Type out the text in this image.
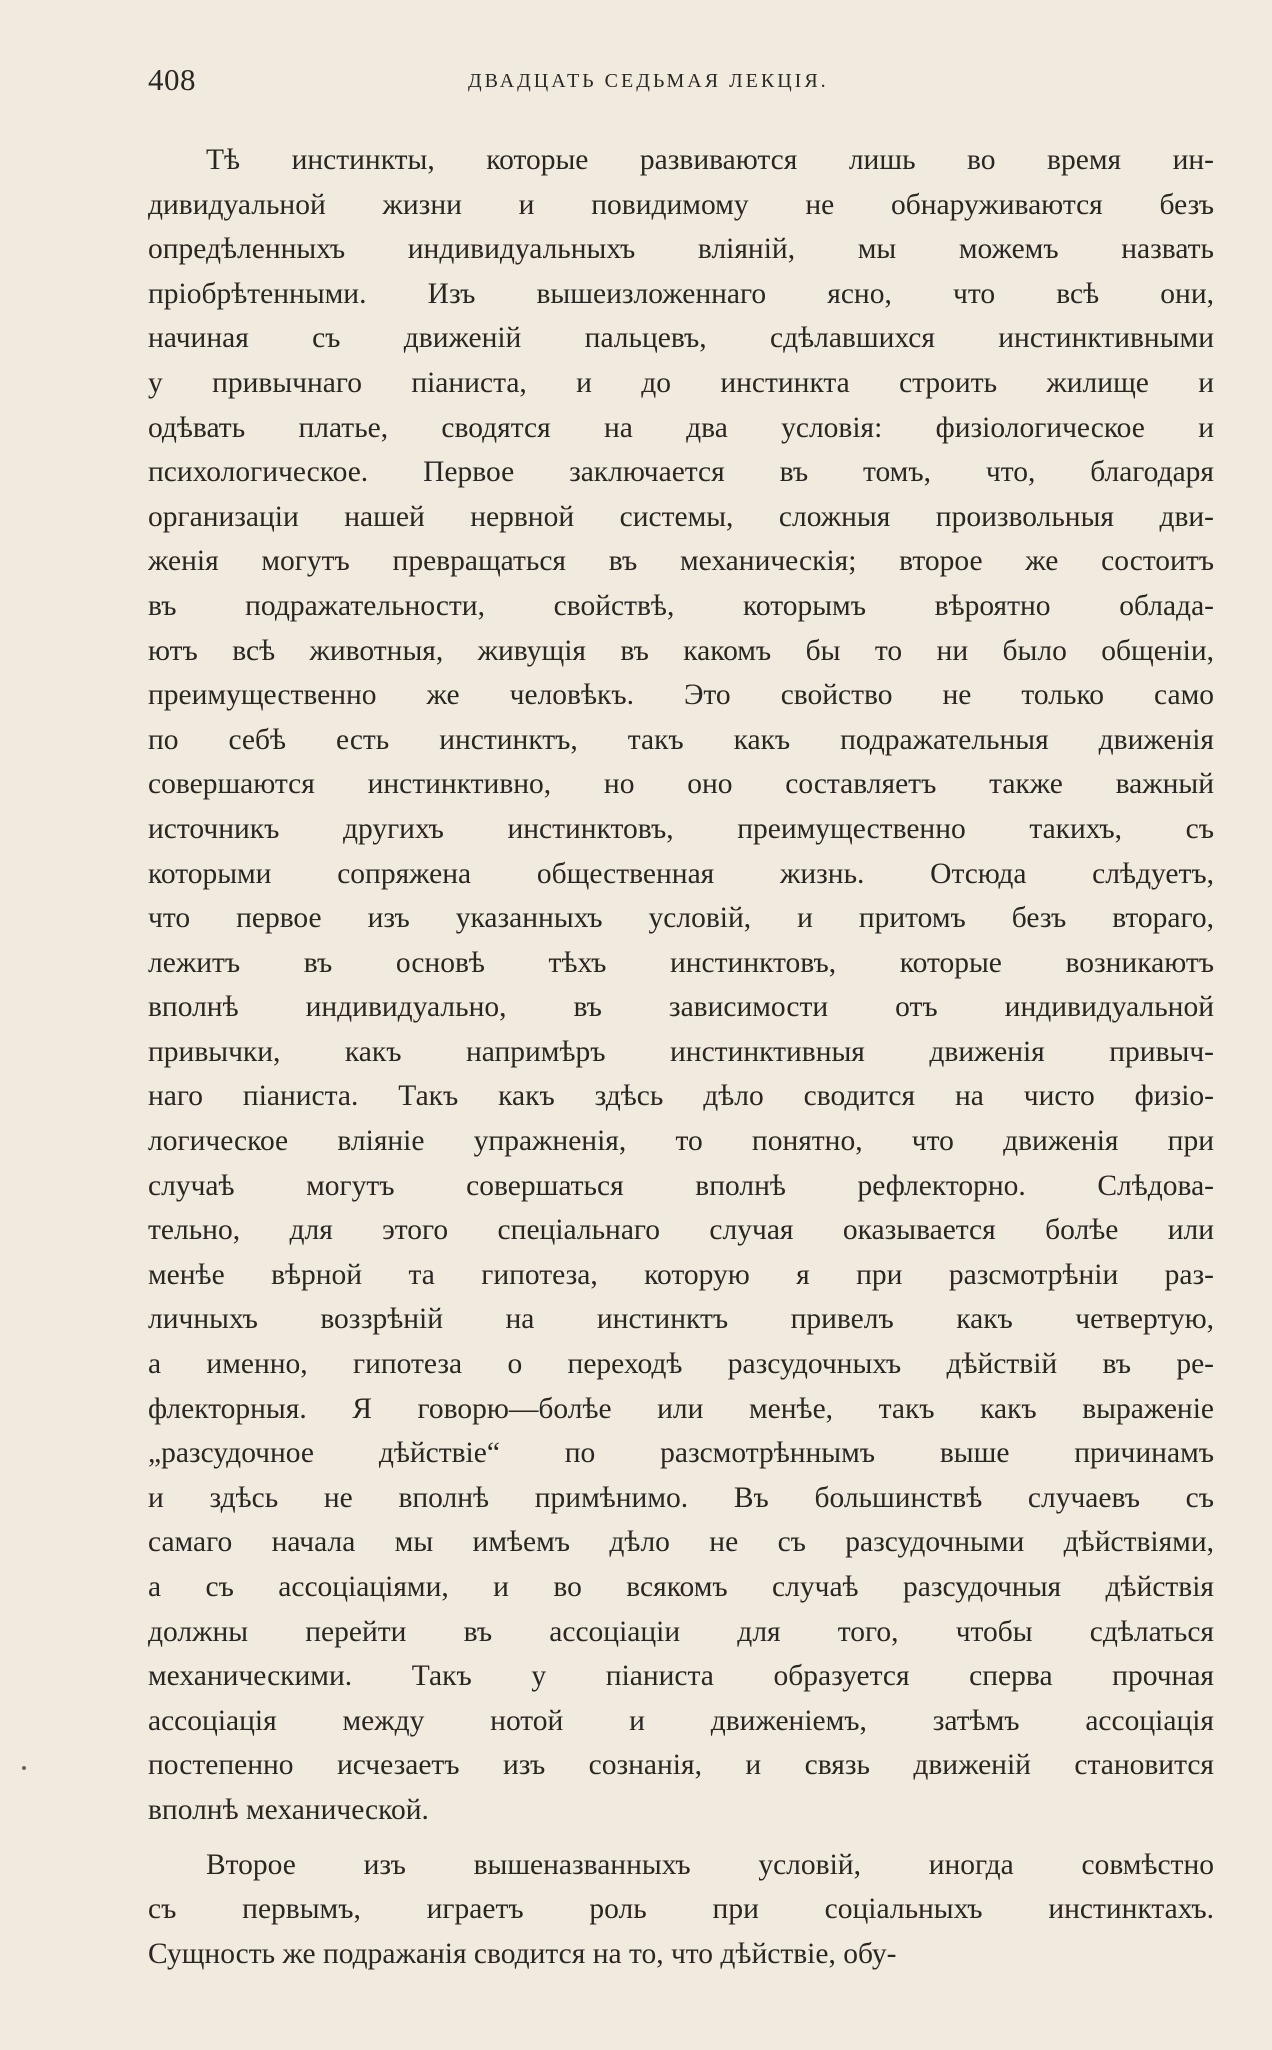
408	ДВАДЦАТЬ СЕДЬМАЯ ЛЕКЦІЯ.
Тѣ инстинкты, которые развиваются лишь во время ин-
дивидуальной жизни и повидимому не обнаруживаются безъ
опредѣленныхъ индивидуальныхъ вліяній, мы можемъ назвать
пріобрѣтенными. Изъ вышеизложеннаго ясно, что всѣ они,
начиная съ движеній пальцевъ, сдѣлавшихся инстинктивными
у привычнаго піаниста, и до инстинкта строить жилище и
одѣвать платье, сводятся на два условія: физіологическое и
психологическое. Первое заключается въ томъ, что, благодаря
организаціи нашей нервной системы, сложныя произвольныя дви-
женія могутъ превращаться въ механическія; второе же состоитъ
въ подражательности, свойствѣ, которымъ вѣроятно облада-
ютъ всѣ животныя, живущія въ какомъ бы то ни было общеніи,
преимущественно же человѣкъ. Это свойство не только само
по себѣ есть инстинктъ, такъ какъ подражательныя движенія
совершаются инстинктивно, но оно составляетъ также важный
источникъ другихъ инстинктовъ, преимущественно такихъ, съ
которыми сопряжена общественная жизнь. Отсюда слѣдуетъ,
что первое изъ указанныхъ условій, и притомъ безъ втораго,
лежитъ въ основѣ тѣхъ инстинктовъ, которые возникаютъ
вполнѣ индивидуально, въ зависимости отъ индивидуальной
привычки, какъ напримѣръ инстинктивныя движенія привыч-
наго піаниста. Такъ какъ здѣсь дѣло сводится на чисто физіо-
логическое вліяніе упражненія, то понятно, что движенія при
случаѣ могутъ совершаться вполнѣ рефлекторно. Слѣдова-
тельно, для этого спеціальнаго случая оказывается болѣе или
менѣе вѣрной та гипотеза, которую я при разсмотрѣніи раз-
личныхъ воззрѣній на инстинктъ привелъ какъ четвертую,
а именно, гипотеза о переходѣ разсудочныхъ дѣйствій въ ре-
флекторныя. Я говорю—болѣе или менѣе, такъ какъ выраженіе
„разсудочное дѣйствіе“ по разсмотрѣннымъ выше причинамъ
и здѣсь не вполнѣ примѣнимо. Въ большинствѣ случаевъ съ
самаго начала мы имѣемъ дѣло не съ разсудочными дѣйствіями,
а съ ассоціаціями, и во всякомъ случаѣ разсудочныя дѣйствія
должны перейти въ ассоціаціи для того, чтобы сдѣлаться
механическими. Такъ у піаниста образуется сперва прочная
ассоціація между нотой и движеніемъ, затѣмъ ассоціація
постепенно исчезаетъ изъ сознанія, и связь движеній становится
вполнѣ механической.
Второе изъ вышеназванныхъ условій, иногда совмѣстно
съ первымъ, играетъ роль при соціальныхъ инстинктахъ.
Сущность же подражанія сводится на то, что дѣйствіе, обу-
